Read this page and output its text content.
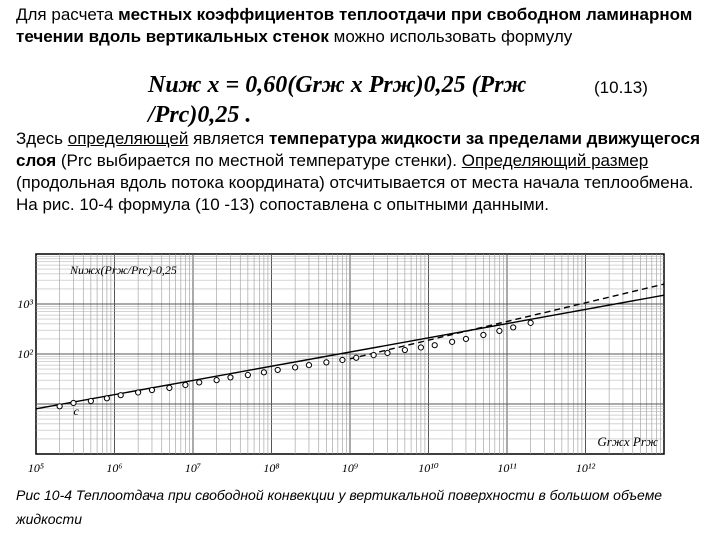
Для расчета местных коэффициентов теплоотдачи при свободном ламинарном течении вдоль вертикальных стенок можно использовать формулу
Nuж x = 0,60(Grж x Prж)0,25 (Prж /Prc)0,25 .
(10.13)
Здесь определяющей является температура жидкости за пределами движущегося слоя (Prc выбирается по местной температуре стенки). Определяющий размер (продольная вдоль потока координата) отсчитывается от места начала теплообмена. На рис. 10-4 формула (10 -13) сопоставлена с опытными данными.
10⁵	10⁶	10⁷	10⁸	10⁹	10¹⁰	10¹¹	10¹²
10³
10²
Nuжx(Prж/Prc)-0,25
Grжx Prж
c
Рис 10-4 Теплоотдача при свободной конвекции у вертикальной поверхности в большом объеме жидкости
